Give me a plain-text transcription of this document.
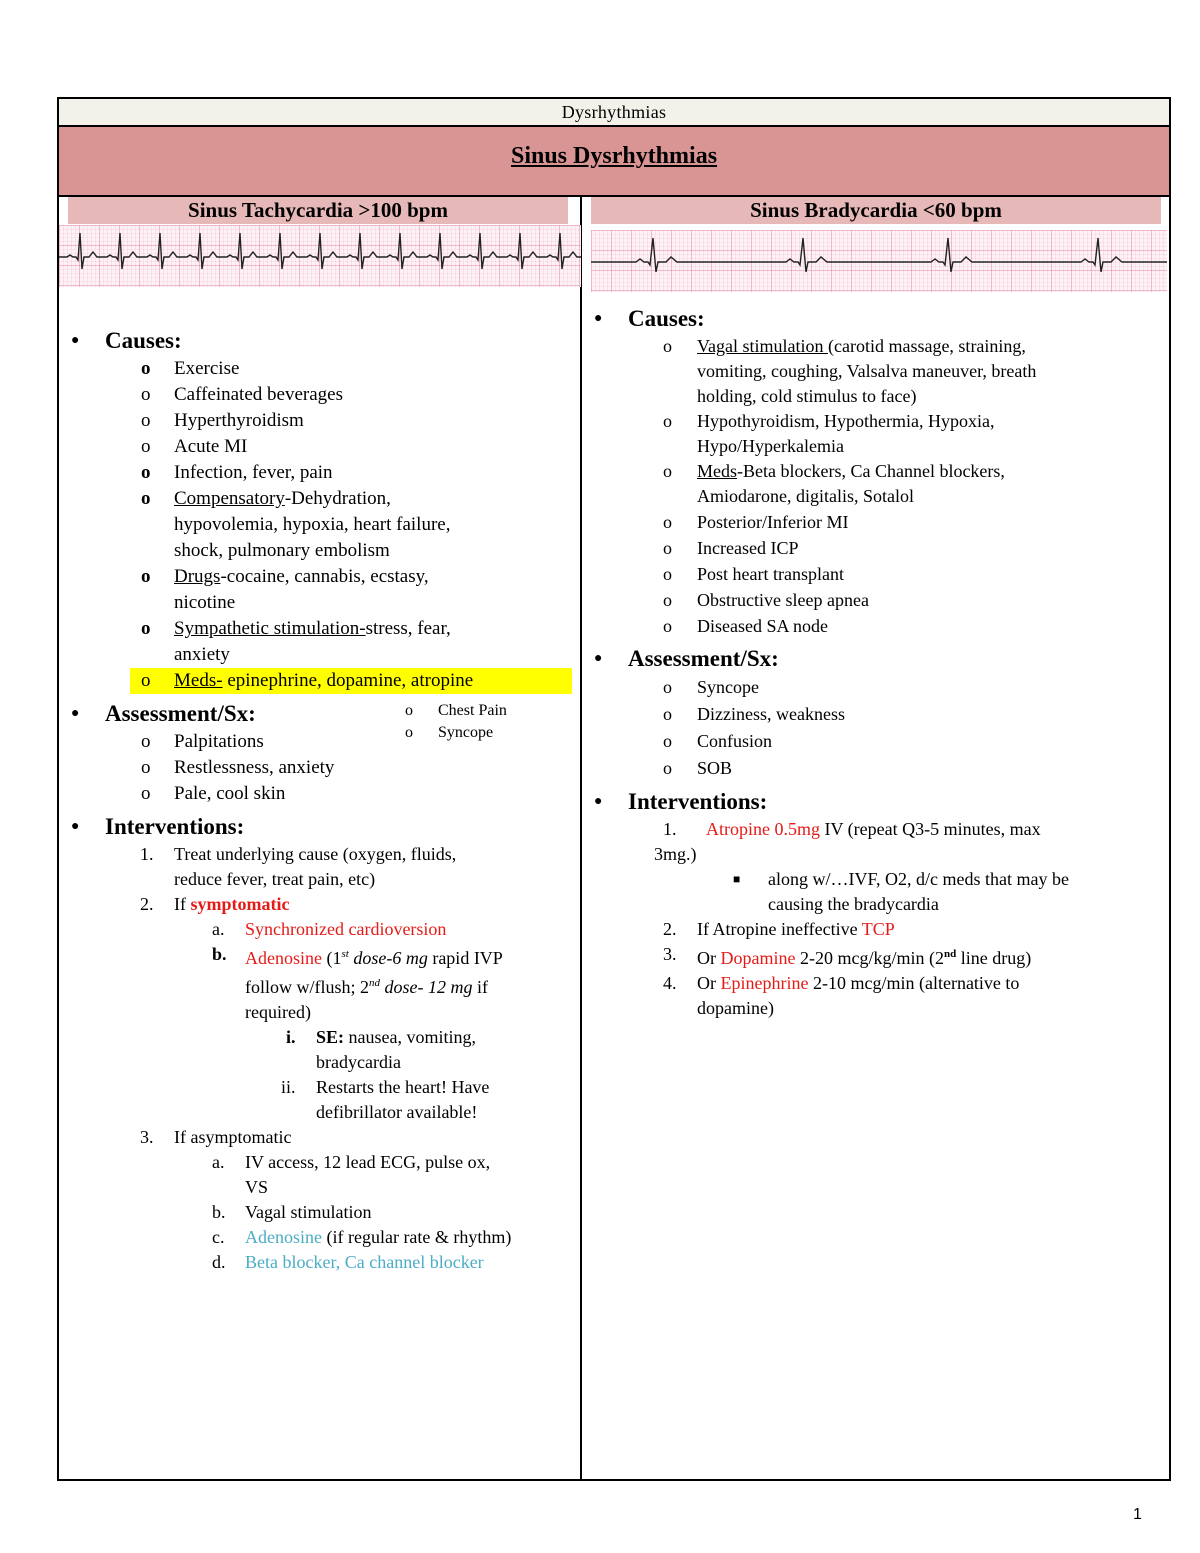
Dysrhythmias
Sinus Dysrhythmias
Sinus Tachycardia >100 bpm	Sinus Bradycardia <60 bpm
● Causes:
o Exercise
o Caffeinated beverages
o Hyperthyroidism
o Acute MI
o Infection, fever, pain
o Compensatory-Dehydration,
hypovolemia, hypoxia, heart failure,
shock, pulmonary embolism
o Drugs-cocaine, cannabis, ecstasy,
nicotine
o Sympathetic stimulation-stress, fear,
anxiety
o Meds- epinephrine, dopamine, atropine
● Assessment/Sx:
o Palpitations
o Restlessness, anxiety
o Pale, cool skin
o Chest Pain
o Syncope
● Interventions:
1. Treat underlying cause (oxygen, fluids,
reduce fever, treat pain, etc)
2. If symptomatic
a. Synchronized cardioversion
b. Adenosine (1st dose-6 mg rapid IVP
follow w/flush; 2nd dose- 12 mg if
required)
i. SE: nausea, vomiting,
bradycardia
ii. Restarts the heart! Have
defibrillator available!
3. If asymptomatic
a. IV access, 12 lead ECG, pulse ox,
VS
b. Vagal stimulation
c. Adenosine (if regular rate & rhythm)
d. Beta blocker, Ca channel blocker
● Causes:
o Vagal stimulation (carotid massage, straining,
vomiting, coughing, Valsalva maneuver, breath
holding, cold stimulus to face)
o Hypothyroidism, Hypothermia, Hypoxia,
Hypo/Hyperkalemia
o Meds-Beta blockers, Ca Channel blockers,
Amiodarone, digitalis, Sotalol
o Posterior/Inferior MI
o Increased ICP
o Post heart transplant
o Obstructive sleep apnea
o Diseased SA node
● Assessment/Sx:
o Syncope
o Dizziness, weakness
o Confusion
o SOB
● Interventions:
1. Atropine 0.5mg IV (repeat Q3-5 minutes, max
3mg.)
■ along w/…IVF, O2, d/c meds that may be
causing the bradycardia
2. If Atropine ineffective TCP
3. Or Dopamine 2-20 mcg/kg/min (2nd line drug)
4. Or Epinephrine 2-10 mcg/min (alternative to
dopamine)
1
